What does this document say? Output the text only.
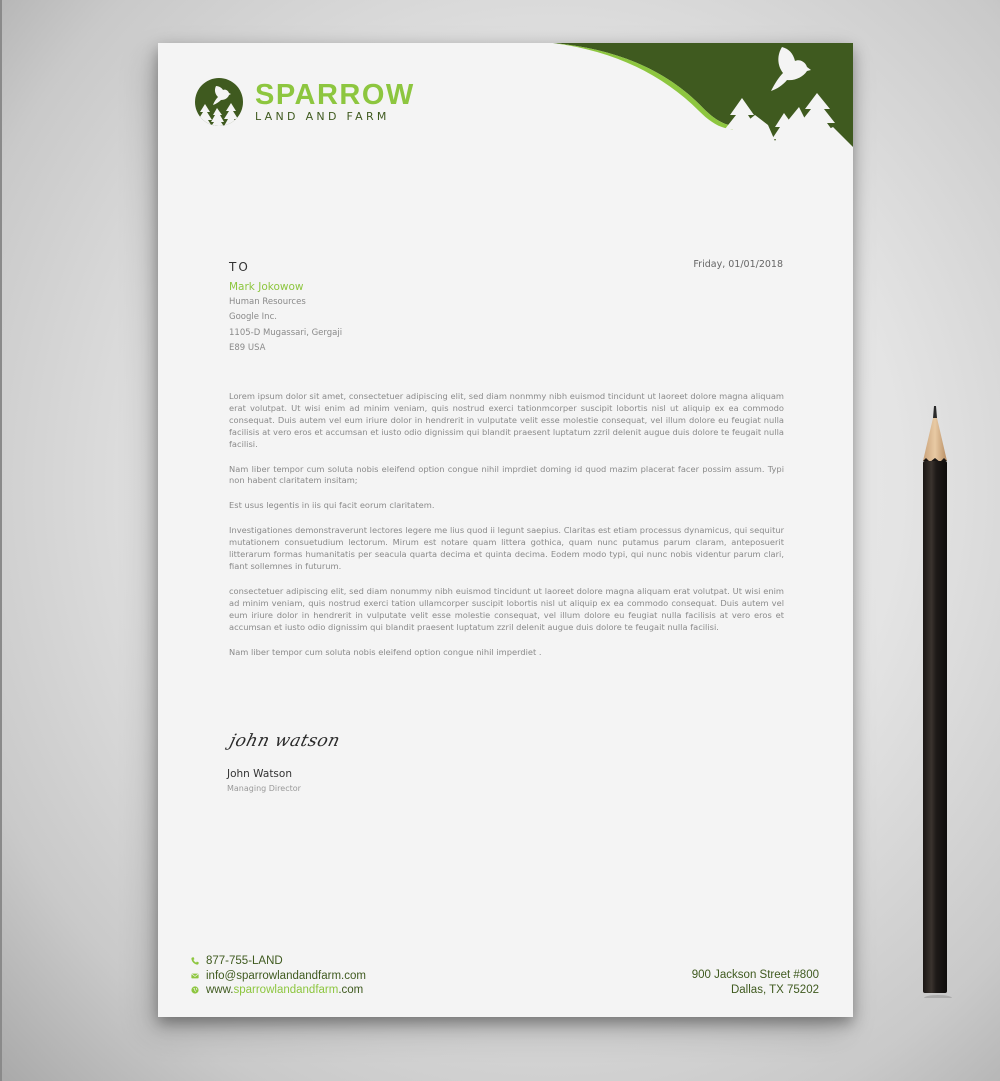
SPARROW
LAND AND FARM
TO	Friday, 01/01/2018
Mark Jokowow
Human Resources
Google Inc.
1105-D Mugassari, Gergaji
E89 USA

Lorem ipsum dolor sit amet, consectetuer adipiscing elit, sed diam nonmmy nibh euismod tincidunt ut laoreet dolore magna aliquam erat volutpat. Ut wisi enim ad minim veniam, quis nostrud exerci tationmcorper suscipit lobortis nisl ut aliquip ex ea commodo consequat. Duis autem vel eum iriure dolor in hendrerit in vulputate velit esse molestie consequat, vel illum dolore eu feugiat nulla facilisis at vero eros et accumsan et iusto odio dignissim qui blandit praesent luptatum zzril delenit augue duis dolore te feugait nulla facilisi.

Nam liber tempor cum soluta nobis eleifend option congue nihil imprdiet doming id quod mazim placerat facer possim assum. Typi non habent claritatem insitam;

Est usus legentis in iis qui facit eorum claritatem.

Investigationes demonstraverunt lectores legere me lius quod ii legunt saepius. Claritas est etiam processus dynamicus, qui sequitur mutationem consuetudium lectorum. Mirum est notare quam littera gothica, quam nunc putamus parum claram, anteposuerit litterarum formas humanitatis per seacula quarta decima et quinta decima. Eodem modo typi, qui nunc nobis videntur parum clari, fiant sollemnes in futurum.

consectetuer adipiscing elit, sed diam nonummy nibh euismod tincidunt ut laoreet dolore magna aliquam erat volutpat. Ut wisi enim ad minim veniam, quis nostrud exerci tation ullamcorper suscipit lobortis nisl ut aliquip ex ea commodo consequat. Duis autem vel eum iriure dolor in hendrerit in vulputate velit esse molestie consequat, vel illum dolore eu feugiat nulla facilisis at vero eros et accumsan et iusto odio dignissim qui blandit praesent luptatum zzril delenit augue duis dolore te feugait nulla facilisi.

Nam liber tempor cum soluta nobis eleifend option congue nihil imperdiet .

john watson
John Watson
Managing Director
877-755-LAND
info@sparrowlandandfarm.com
www.sparrowlandandfarm.com
900 Jackson Street #800
Dallas, TX 75202
